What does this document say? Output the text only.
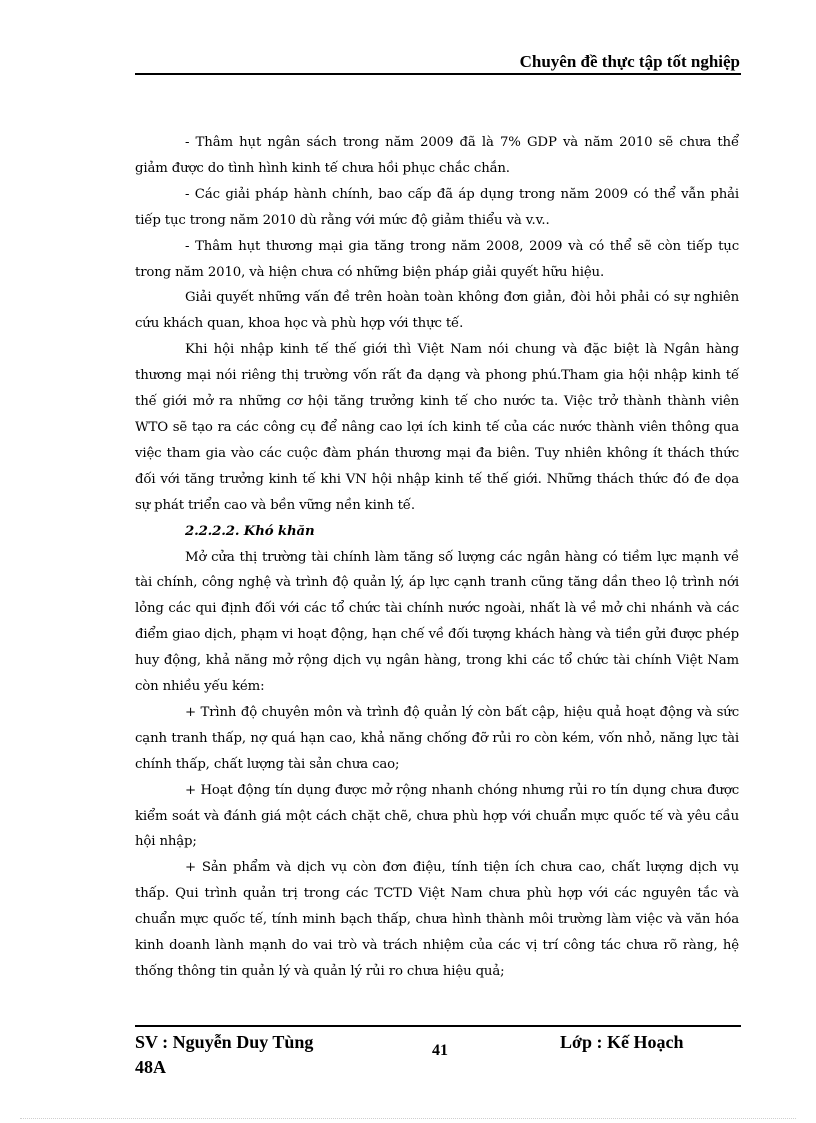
Chuyên đề thực tập tốt nghiệp

- Thâm hụt ngân sách trong năm 2009 đã là 7% GDP và năm 2010 sẽ chưa thể giảm được do tình hình kinh tế chưa hồi phục chắc chắn.

- Các giải pháp hành chính, bao cấp đã áp dụng trong năm 2009 có thể vẫn phải tiếp tục trong năm 2010 dù rằng với mức độ giảm thiểu và v.v..

- Thâm hụt thương mại gia tăng trong năm 2008, 2009 và có thể sẽ còn tiếp tục trong năm 2010, và hiện chưa có những biện pháp giải quyết hữu hiệu.

Giải quyết những vấn đề trên hoàn toàn không đơn giản, đòi hỏi phải có sự nghiên cứu khách quan, khoa học và phù hợp với thực tế.

Khi hội nhập kinh tế thế giới thì Việt Nam nói chung và đặc biệt là Ngân hàng thương mại nói riêng thị trường vốn rất đa dạng và phong phú.Tham gia hội nhập kinh tế thế giới mở ra những cơ hội tăng trưởng kinh tế cho nước ta. Việc trở thành thành viên WTO sẽ tạo ra các công cụ để nâng cao lợi ích kinh tế của các nước thành viên thông qua việc tham gia vào các cuộc đàm phán thương mại đa biên. Tuy nhiên không ít thách thức đối với tăng trưởng kinh tế khi VN hội nhập kinh tế thế giới. Những thách thức đó đe dọa sự phát triển cao và bền vững nền kinh tế.

2.2.2.2. Khó khăn

Mở cửa thị trường tài chính làm tăng số lượng các ngân hàng có tiềm lực mạnh về tài chính, công nghệ và trình độ quản lý, áp lực cạnh tranh cũng tăng dần theo lộ trình nới lỏng các qui định đối với các tổ chức tài chính nước ngoài, nhất là về mở chi nhánh và các điểm giao dịch, phạm vi hoạt động, hạn chế về đối tượng khách hàng và tiền gửi được phép huy động, khả năng mở rộng dịch vụ ngân hàng, trong khi các tổ chức tài chính Việt Nam còn nhiều yếu kém:

+ Trình độ chuyên môn và trình độ quản lý còn bất cập, hiệu quả hoạt động và sức cạnh tranh thấp, nợ quá hạn cao, khả năng chống đỡ rủi ro còn kém, vốn nhỏ, năng lực tài chính thấp, chất lượng tài sản chưa cao;

+ Hoạt động tín dụng được mở rộng nhanh chóng nhưng rủi ro tín dụng chưa được kiểm soát và đánh giá một cách chặt chẽ, chưa phù hợp với chuẩn mực quốc tế và yêu cầu hội nhập;

+ Sản phẩm và dịch vụ còn đơn điệu, tính tiện ích chưa cao, chất lượng dịch vụ thấp. Qui trình quản trị trong các TCTD Việt Nam chưa phù hợp với các nguyên tắc và chuẩn mực quốc tế, tính minh bạch thấp, chưa hình thành môi trường làm việc và văn hóa kinh doanh lành mạnh do vai trò và trách nhiệm của các vị trí công tác chưa rõ ràng, hệ thống thông tin quản lý và quản lý rủi ro chưa hiệu quả;

SV : Nguyễn Duy Tùng 48A
41	Lớp : Kế Hoạch
